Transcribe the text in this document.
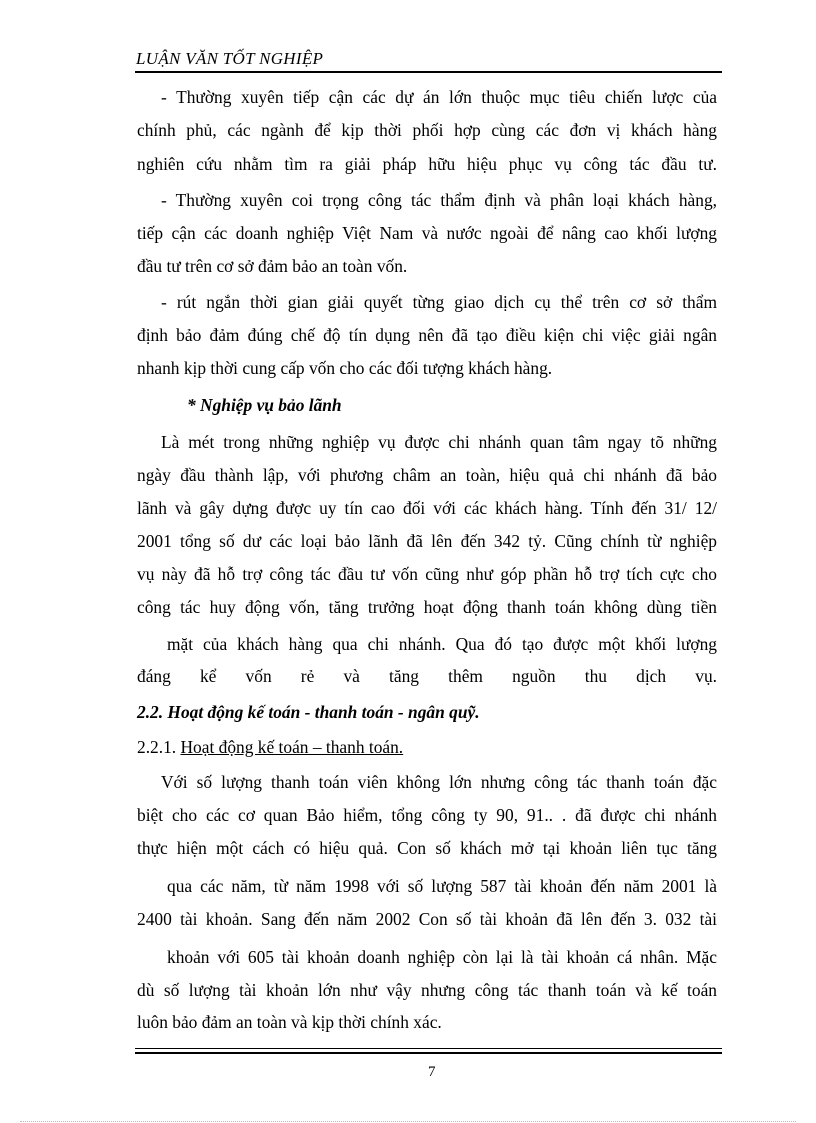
LUẬN VĂN TỐT NGHIỆP
- Thường xuyên tiếp cận các dự án lớn thuộc mục tiêu chiến lược của
chính phủ, các ngành để kịp thời phối hợp cùng các đơn vị khách hàng
nghiên cứu nhằm tìm ra giải pháp hữu hiệu phục vụ công tác đầu tư.
- Thường xuyên coi trọng công tác thẩm định và phân loại khách hàng,
tiếp cận các doanh nghiệp Việt Nam và nước ngoài để nâng cao khối lượng
đầu tư trên cơ sở đảm bảo an toàn vốn.
- rút ngắn thời gian giải quyết từng giao dịch cụ thể trên cơ sở thẩm
định bảo đảm đúng chế độ tín dụng nên đã tạo điều kiện chi việc giải ngân
nhanh kịp thời cung cấp vốn cho các đối tượng khách hàng.
* Nghiệp vụ bảo lãnh
Là mét trong những nghiệp vụ được chi nhánh quan tâm ngay tõ những
ngày đầu thành lập, với phương châm an toàn, hiệu quả chi nhánh đã bảo
lãnh và gây dựng được uy tín cao đối với các khách hàng. Tính đến 31/ 12/
2001 tổng số dư các loại bảo lãnh đã lên đến 342 tỷ. Cũng chính từ nghiệp
vụ này đã hỗ trợ công tác đầu tư vốn cũng như góp phần hỗ trợ tích cực cho
công tác huy động vốn, tăng trưởng hoạt động thanh toán không dùng tiền
mặt của khách hàng qua chi nhánh. Qua đó tạo được một khối lượng
đáng kể vốn rẻ và tăng thêm nguồn thu dịch vụ.
2.2. Hoạt động kế toán - thanh toán - ngân quỹ.
2.2.1. Hoạt động kế toán – thanh toán.
Với số lượng thanh toán viên không lớn nhưng công tác thanh toán đặc
biệt cho các cơ quan Bảo hiểm, tổng công ty 90, 91.. . đã được chi nhánh
thực hiện một cách có hiệu quả. Con số khách mở tại khoản liên tục tăng
qua các năm, từ năm 1998 với số lượng 587 tài khoản đến năm 2001 là
2400 tài khoản. Sang đến năm 2002 Con số tài khoản đã lên đến 3. 032 tài
khoản với 605 tài khoản doanh nghiệp còn lại là tài khoản cá nhân. Mặc
dù số lượng tài khoản lớn như vậy nhưng công tác thanh toán và kế toán
luôn bảo đảm an toàn và kịp thời chính xác.
7
